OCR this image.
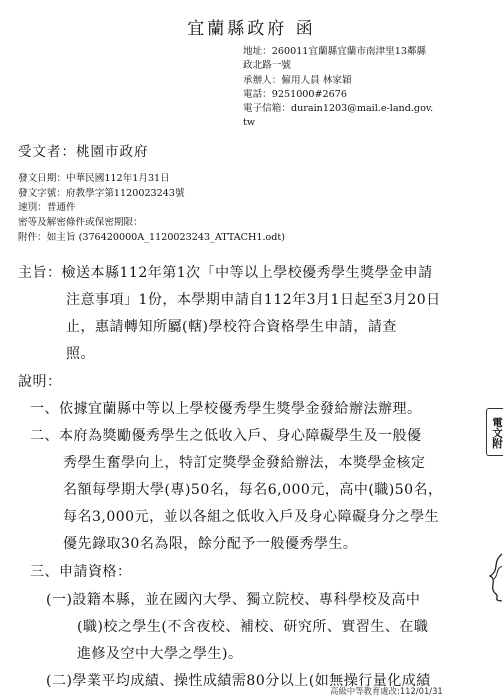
宜蘭縣政府 函
地址：260011宜蘭縣宜蘭市南津里13鄰縣
政北路一號
承辦人：僱用人員 林家穎
電話：9251000#2676
電子信箱：durain1203@mail.e-land.gov.
tw
受文者：桃園市政府
發文日期：中華民國112年1月31日
發文字號：府教學字第1120023243號
速別：普通件
密等及解密條件或保密期限：
附件：如主旨 (376420000A_1120023243_ATTACH1.odt)
主旨：檢送本縣112年第1次「中等以上學校優秀學生獎學金申請
注意事項」1份，本學期申請自112年3月1日起至3月20日
止，惠請轉知所屬(轄)學校符合資格學生申請，請查
照。
說明：
一、依據宜蘭縣中等以上學校優秀學生獎學金發給辦法辦理。
二、本府為獎勵優秀學生之低收入戶、身心障礙學生及一般優
秀學生奮學向上，特訂定獎學金發給辦法，本獎學金核定
名額每學期大學(專)50名，每名6,000元，高中(職)50名，
每名3,000元，並以各組之低收入戶及身心障礙身分之學生
優先錄取30名為限，餘分配予一般優秀學生。
三、申請資格：
(一)設籍本縣，並在國內大學、獨立院校、專科學校及高中
(職)校之學生(不含夜校、補校、研究所、實習生、在職
進修及空中大學之學生)。
(二)學業平均成績、操性成績需80分以上(如無操行量化成績
電文附
高級中等教育處改:112/01/31
